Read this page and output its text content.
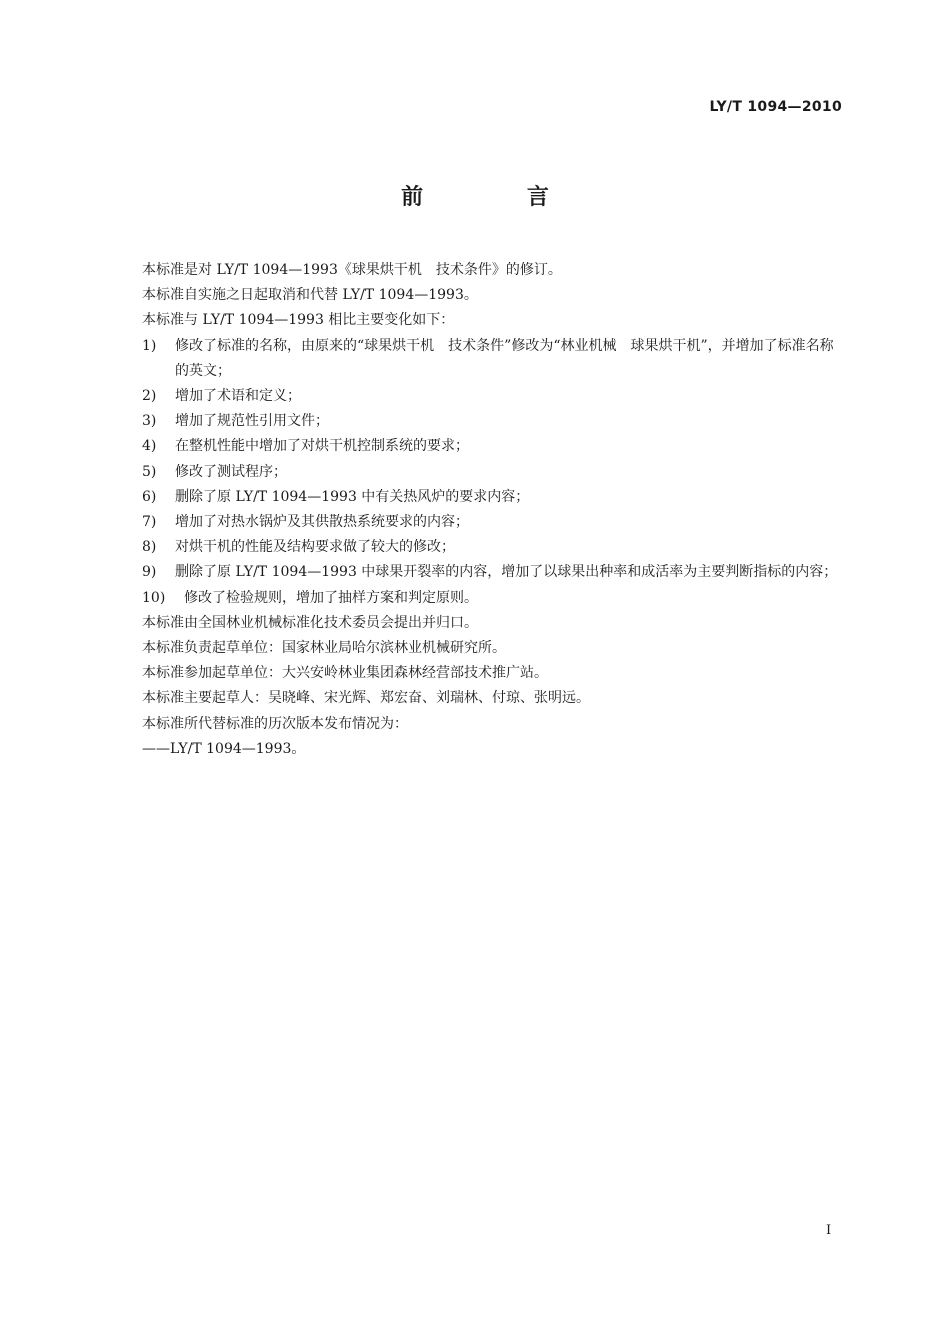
LY/T 1094—2010
前 言

本标准是对 LY/T 1094—1993《球果烘干机　技术条件》的修订。

本标准自实施之日起取消和代替 LY/T 1094—1993。

本标准与 LY/T 1094—1993 相比主要变化如下：

1)	修改了标准的名称，由原来的“球果烘干机　技术条件”修改为“林业机械　球果烘干机”，并增加了标准名称的英文；
2)	增加了术语和定义；
3)	增加了规范性引用文件；
4)	在整机性能中增加了对烘干机控制系统的要求；
5)	修改了测试程序；
6)	删除了原 LY/T 1094—1993 中有关热风炉的要求内容；
7)	增加了对热水锅炉及其供散热系统要求的内容；
8)	对烘干机的性能及结构要求做了较大的修改；
9)	删除了原 LY/T 1094—1993 中球果开裂率的内容，增加了以球果出种率和成活率为主要判断指标的内容；
10)	修改了检验规则，增加了抽样方案和判定原则。

本标准由全国林业机械标准化技术委员会提出并归口。

本标准负责起草单位：国家林业局哈尔滨林业机械研究所。

本标准参加起草单位：大兴安岭林业集团森林经营部技术推广站。

本标准主要起草人：吴晓峰、宋光辉、郑宏奋、刘瑞林、付琼、张明远。

本标准所代替标准的历次版本发布情况为：

——LY/T 1094—1993。

I
